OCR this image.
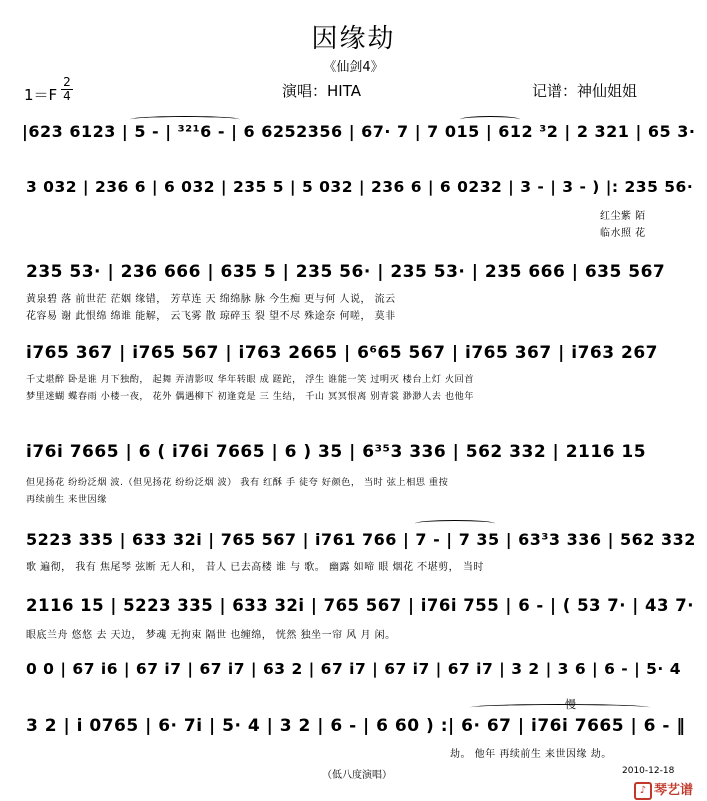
因缘劫
《仙剑4》
1＝F
2
4	演唱：HITA	记谱：神仙姐姐
|623 6123 | 5 - | ³²¹6 - | 6 6252356 | 67· 7 | 7 015 | 612 ³2 | 2 321 | 65 3·
3 032 | 236 6 | 6 032 | 235 5 | 5 032 | 236 6 | 6 0232 | 3 - | 3 - ) |: 235 56·
红尘紫 陌
临水照 花
235 53· | 236 666 | 635 5 | 235 56· | 235 53· | 235 666 | 635 567
黄泉碧 落 前世茫 茫姻 缘错， 芳草连 天 绵绵脉 脉 今生痴 更与何 人说， 流云
花容易 谢 此恨绵 绵谁 能解， 云飞雾 散 琼碎玉 裂 望不尽 殊途奈 何嗟， 莫非
i765 367 | i765 567 | i763 2665 | 6⁶65 567 | i765 367 | i763 267
千丈堪醉 卧是谁 月下独酌， 起舞 弄清影叹 华年转眼 成 蹉跎， 浮生 谁能一笑 过明灭 楼台上灯 火回首
梦里迷蝴 蝶春雨 小楼一夜， 花外 偶遇柳下 初逢竟是 三 生结， 千山 冥冥恨离 别青裳 渺渺人去 也他年
i76i 7665 | 6 ( i76i 7665 | 6 ) 35 | 6³⁵3 336 | 562 332 | 2116 15
但见扬花 纷纷泛烟 波.（但见扬花 纷纷泛烟 波） 我有 红酥 手 徒夸 好颜色， 当时 弦上相思 重按
再续前生 来世因缘
5223 335 | 633 32i | 765 567 | i761 766 | 7 - | 7 35 | 63³3 336 | 562 332
歌 遍彻， 我有 焦尾琴 弦断 无人和， 昔人 已去高楼 谁 与 歌。 幽露 如啼 眼 烟花 不堪剪， 当时
2116 15 | 5223 335 | 633 32i | 765 567 | i76i 755 | 6 - | ( 53 7· | 43 7·
眼底兰舟 悠悠 去 天边， 梦魂 无拘束 隔世 也缠绵， 恍然 独坐一帘 风 月 闲。
0 0 | 67 i6 | 67 i7 | 67 i7 | 63 2 | 67 i7 | 67 i7 | 67 i7 | 3 2 | 3 6 | 6 - | 5· 4
慢
3 2 | i 0765 | 6· 7i | 5· 4 | 3 2 | 6 - | 6 60 ) :| 6· 67 | i76i 7665 | 6 - ‖
劫。 他年 再续前生 来世因缘 劫。
（低八度演唱）	2010-12-18
♪ 琴艺谱
